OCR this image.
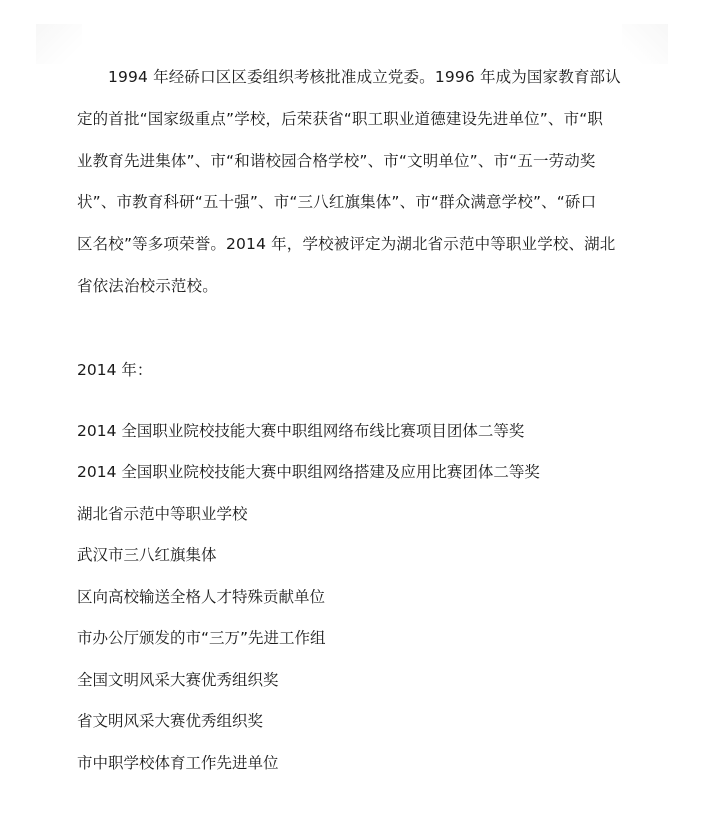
1994 年经硚口区区委组织考核批准成立党委。1996 年成为国家教育部认
定的首批“国家级重点”学校，后荣获省“职工职业道德建设先进单位”、市“职
业教育先进集体”、市“和谐校园合格学校”、市“文明单位”、市“五一劳动奖
状”、市教育科研“五十强”、市“三八红旗集体”、市“群众满意学校”、“硚口
区名校”等多项荣誉。2014 年，学校被评定为湖北省示范中等职业学校、湖北
省依法治校示范校。
2014 年：
2014 全国职业院校技能大赛中职组网络布线比赛项目团体二等奖
2014 全国职业院校技能大赛中职组网络搭建及应用比赛团体二等奖
湖北省示范中等职业学校
武汉市三八红旗集体
区向高校输送全格人才特殊贡献单位
市办公厅颁发的市“三万”先进工作组
全国文明风采大赛优秀组织奖
省文明风采大赛优秀组织奖
市中职学校体育工作先进单位
